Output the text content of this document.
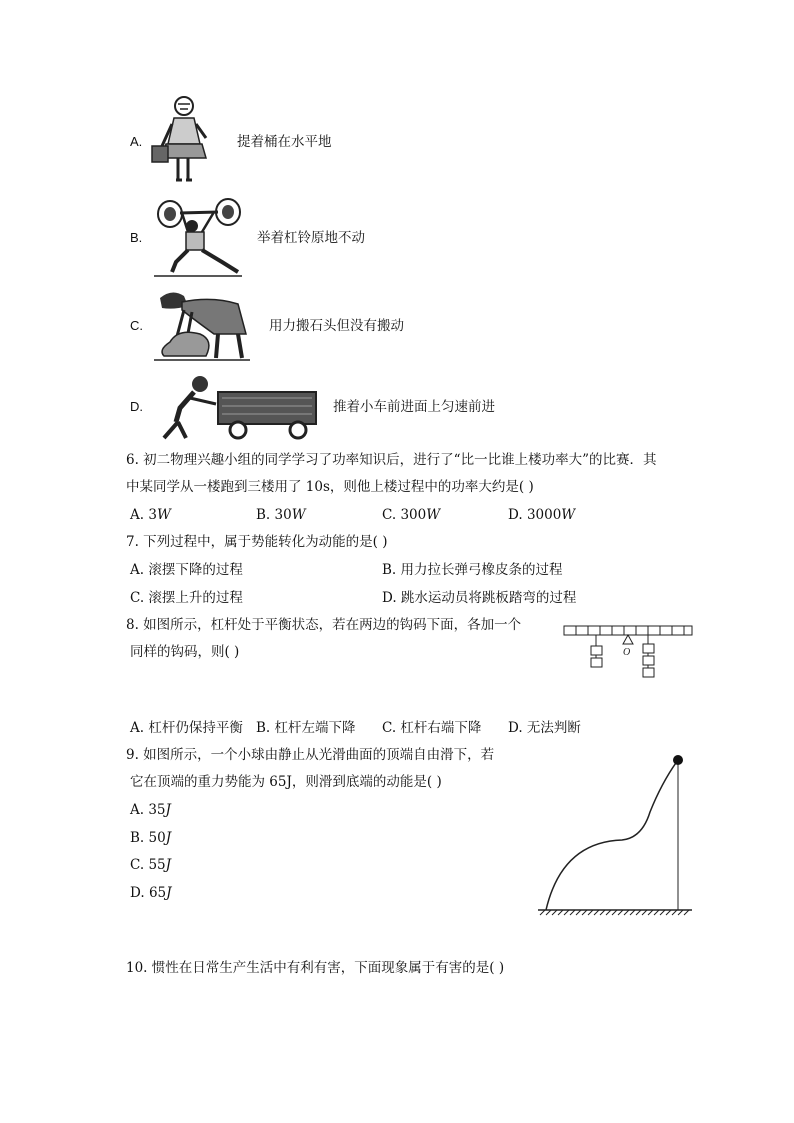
A.	提着桶在水平地
B.	举着杠铃原地不动
C.	用力搬石头但没有搬动
D.	推着小车前进面上匀速前进
6. 初二物理兴趣小组的同学学习了功率知识后，进行了“比一比谁上楼功率大”的比赛．其
中某同学从一楼跑到三楼用了 10s，则他上楼过程中的功率大约是( )
A. 3W	B. 30W	C. 300W	D. 3000W
7. 下列过程中，属于势能转化为动能的是( )
A. 滚摆下降的过程	B. 用力拉长弹弓橡皮条的过程
C. 滚摆上升的过程	D. 跳水运动员将跳板踏弯的过程
8. 如图所示，杠杆处于平衡状态，若在两边的钩码下面，各加一个
同样的钩码，则( )	O
A. 杠杆仍保持平衡 B. 杠杆左端下降 C. 杠杆右端下降 D. 无法判断
9. 如图所示，一个小球由静止从光滑曲面的顶端自由滑下，若
它在顶端的重力势能为 65J，则滑到底端的动能是( )
A. 35J
B. 50J
C. 55J
D. 65J
10. 惯性在日常生产生活中有利有害，下面现象属于有害的是( )
